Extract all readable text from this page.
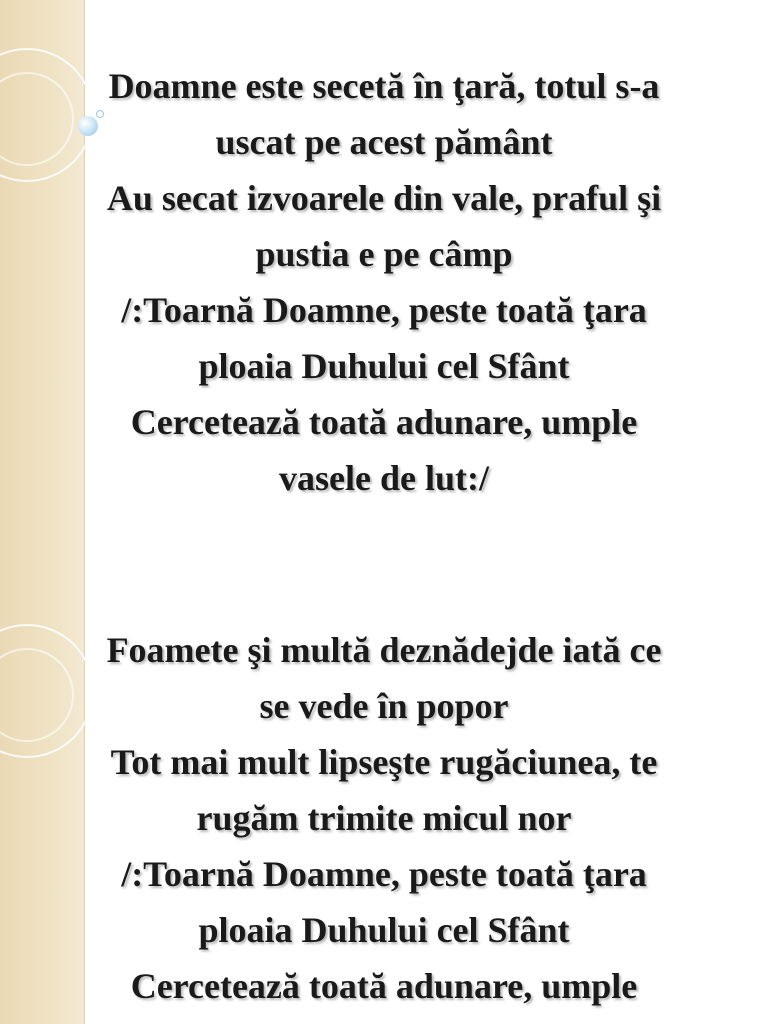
Doamne este secetă în ţară, totul s-a
uscat pe acest pământ
Au secat izvoarele din vale, praful şi
pustia e pe câmp
/:Toarnă Doamne, peste toată ţara
ploaia Duhului cel Sfânt
Cercetează toată adunare, umple
vasele de lut:/

Foamete şi multă deznădejde iată ce
se vede în popor
Tot mai mult lipseşte rugăciunea, te
rugăm trimite micul nor
/:Toarnă Doamne, peste toată ţara
ploaia Duhului cel Sfânt
Cercetează toată adunare, umple
